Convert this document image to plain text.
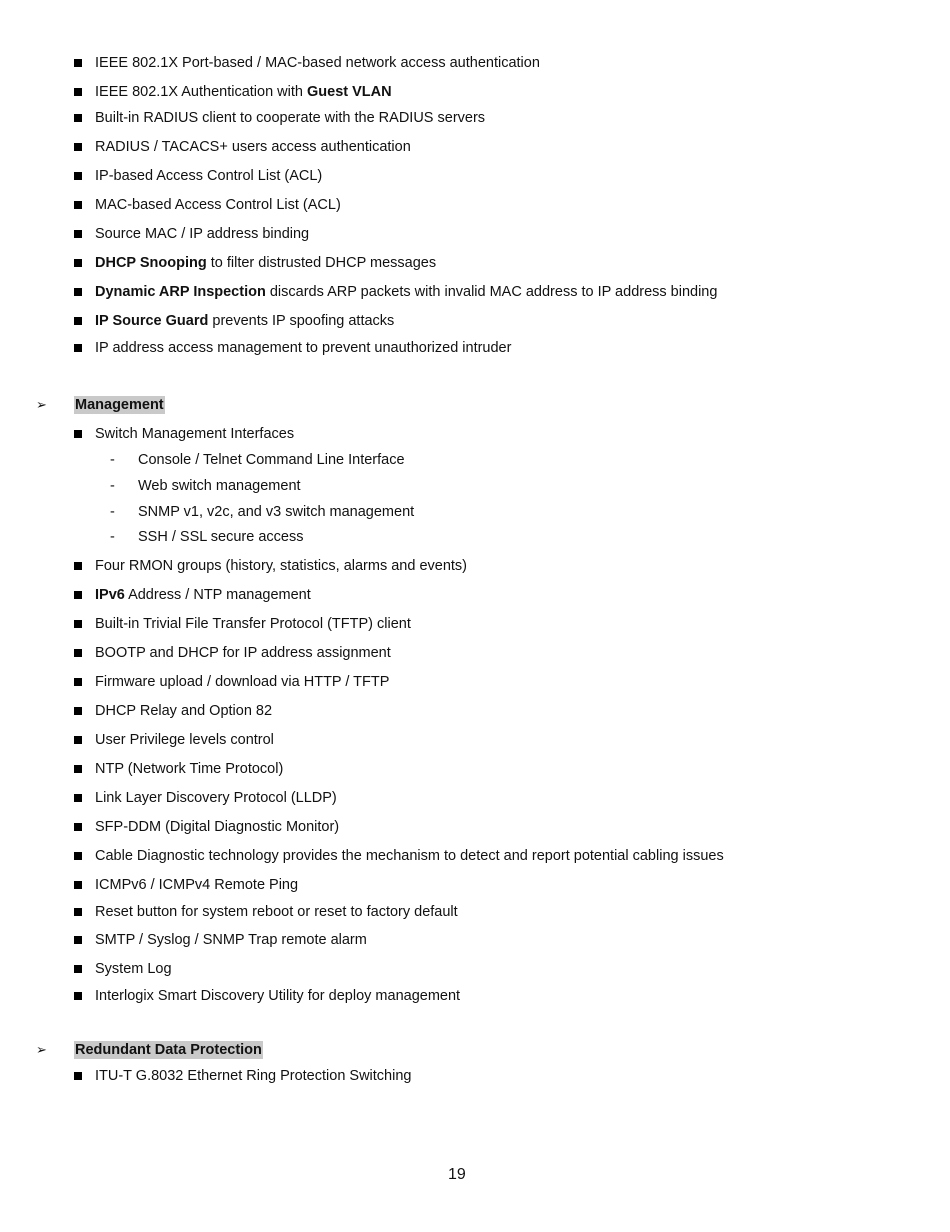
IEEE 802.1X Port-based / MAC-based network access authentication
IEEE 802.1X Authentication with Guest VLAN
Built-in RADIUS client to cooperate with the RADIUS servers
RADIUS / TACACS+ users access authentication
IP-based Access Control List (ACL)
MAC-based Access Control List (ACL)
Source MAC / IP address binding
DHCP Snooping to filter distrusted DHCP messages
Dynamic ARP Inspection discards ARP packets with invalid MAC address to IP address binding
IP Source Guard prevents IP spoofing attacks
IP address access management to prevent unauthorized intruder
➢ Management
Switch Management Interfaces
- Console / Telnet Command Line Interface
- Web switch management
- SNMP v1, v2c, and v3 switch management
- SSH / SSL secure access
Four RMON groups (history, statistics, alarms and events)
IPv6 Address / NTP management
Built-in Trivial File Transfer Protocol (TFTP) client
BOOTP and DHCP for IP address assignment
Firmware upload / download via HTTP / TFTP
DHCP Relay and Option 82
User Privilege levels control
NTP (Network Time Protocol)
Link Layer Discovery Protocol (LLDP)
SFP-DDM (Digital Diagnostic Monitor)
Cable Diagnostic technology provides the mechanism to detect and report potential cabling issues
ICMPv6 / ICMPv4 Remote Ping
Reset button for system reboot or reset to factory default
SMTP / Syslog / SNMP Trap remote alarm
System Log
Interlogix Smart Discovery Utility for deploy management
➢ Redundant Data Protection
ITU-T G.8032 Ethernet Ring Protection Switching
19
